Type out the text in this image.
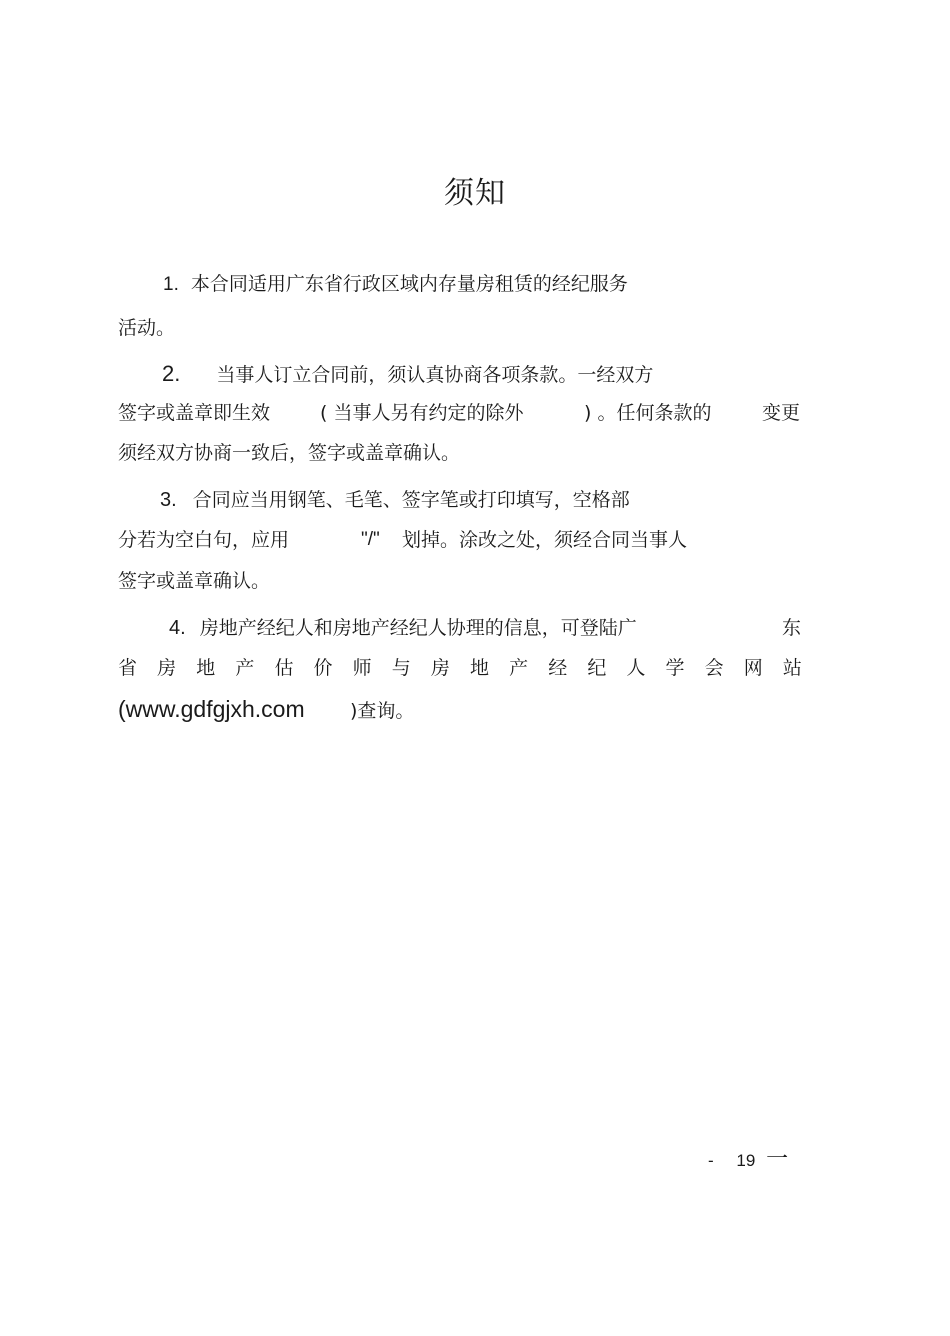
须知
1. 本合同适用广东省行政区域内存量房租赁的经纪服务
活动。
2. 当事人订立合同前，须认真协商各项条款。一经双方
签字或盖章即生效	( 当事人另有约定的除外	) 。任何条款的	变更
须经双方协商一致后，签字或盖章确认。
3. 合同应当用钢笔、毛笔、签字笔或打印填写，空格部
分若为空白句，应用	"/" 划掉。涂改之处，须经合同当事人
签字或盖章确认。
4. 房地产经纪人和房地产经纪人协理的信息，可登陆广	东
省 房 地 产 估 价 师 与 房 地 产 经 纪 人 学 会 网 站
(www.gdfgjxh.com )查询。
- 19 一
